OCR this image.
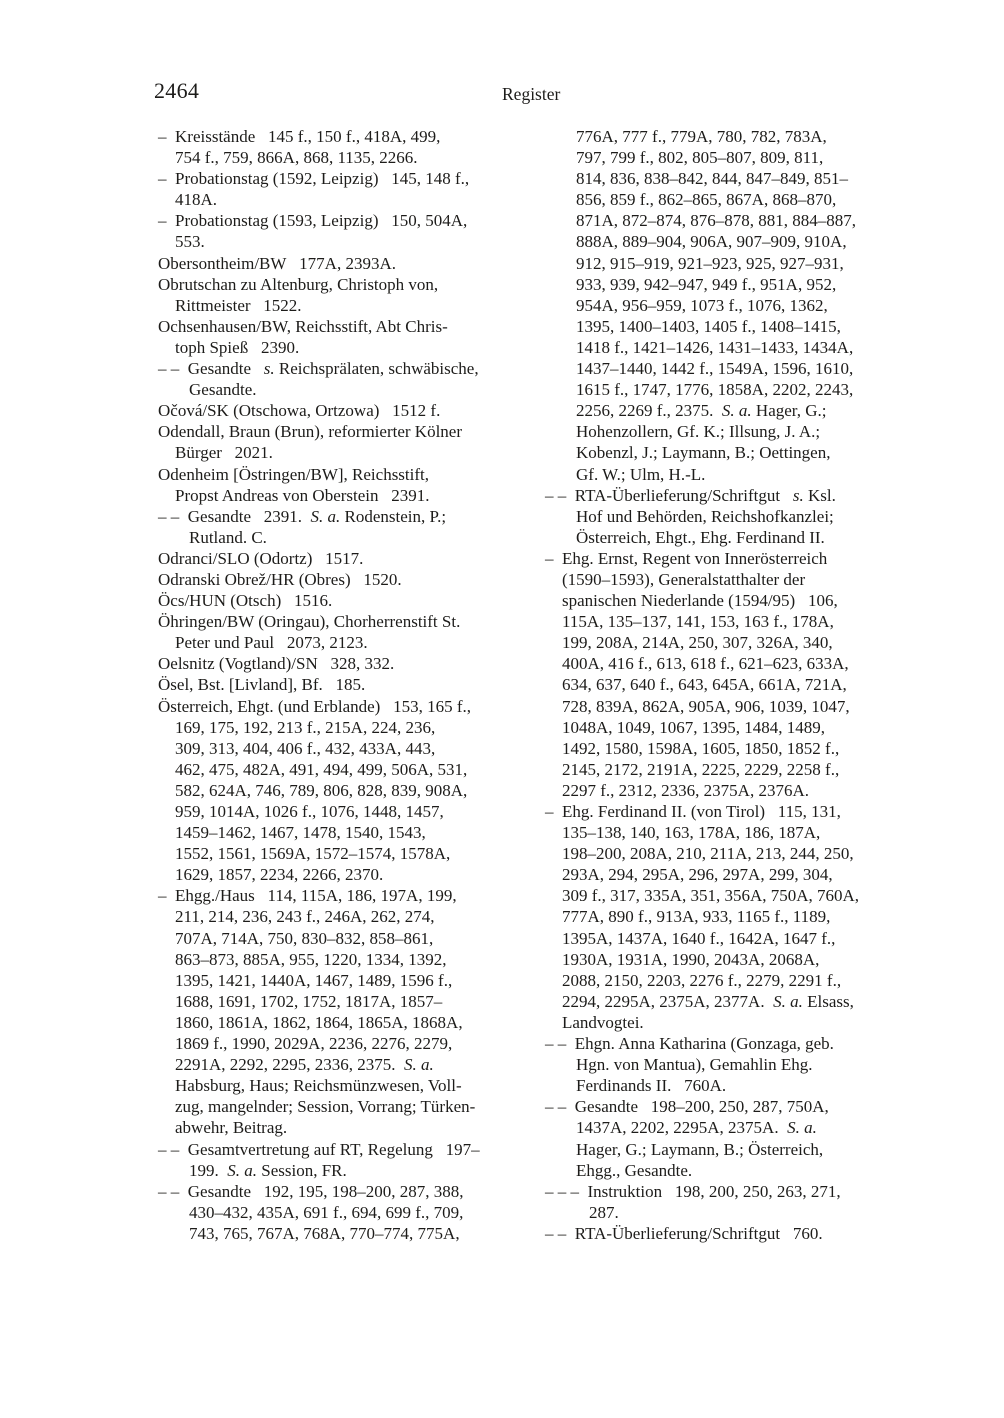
2464	Register
– Kreisstände  145 f., 150 f., 418A, 499,
754 f., 759, 866A, 868, 1135, 2266.
– Probationstag (1592, Leipzig)  145, 148 f.,
418A.
– Probationstag (1593, Leipzig)  150, 504A,
553.
Obersontheim/BW  177A, 2393A.
Obrutschan zu Altenburg, Christoph von,
Rittmeister  1522.
Ochsenhausen/BW, Reichsstift, Abt Chris-
toph Spieß  2390.
– – Gesandte  s. Reichsprälaten, schwäbische,
Gesandte.
Očová/SK (Otschowa, Ortzowa)  1512 f.
Odendall, Braun (Brun), reformierter Kölner
Bürger  2021.
Odenheim [Östringen/BW], Reichsstift,
Propst Andreas von Oberstein  2391.
– – Gesandte  2391.  S. a. Rodenstein, P.;
Rutland. C.
Odranci/SLO (Odortz)  1517.
Odranski Obrež/HR (Obres)  1520.
Öcs/HUN (Otsch)  1516.
Öhringen/BW (Oringau), Chorherrenstift St.
Peter und Paul  2073, 2123.
Oelsnitz (Vogtland)/SN  328, 332.
Ösel, Bst. [Livland], Bf.  185.
Österreich, Ehgt. (und Erblande)  153, 165 f.,
169, 175, 192, 213 f., 215A, 224, 236,
309, 313, 404, 406 f., 432, 433A, 443,
462, 475, 482A, 491, 494, 499, 506A, 531,
582, 624A, 746, 789, 806, 828, 839, 908A,
959, 1014A, 1026 f., 1076, 1448, 1457,
1459–1462, 1467, 1478, 1540, 1543,
1552, 1561, 1569A, 1572–1574, 1578A,
1629, 1857, 2234, 2266, 2370.
– Ehgg./Haus  114, 115A, 186, 197A, 199,
211, 214, 236, 243 f., 246A, 262, 274,
707A, 714A, 750, 830–832, 858–861,
863–873, 885A, 955, 1220, 1334, 1392,
1395, 1421, 1440A, 1467, 1489, 1596 f.,
1688, 1691, 1702, 1752, 1817A, 1857–
1860, 1861A, 1862, 1864, 1865A, 1868A,
1869 f., 1990, 2029A, 2236, 2276, 2279,
2291A, 2292, 2295, 2336, 2375.  S. a.
Habsburg, Haus; Reichsmünzwesen, Voll-
zug, mangelnder; Session, Vorrang; Türken-
abwehr, Beitrag.
– – Gesamtvertretung auf RT, Regelung  197–
199.  S. a. Session, FR.
– – Gesandte  192, 195, 198–200, 287, 388,
430–432, 435A, 691 f., 694, 699 f., 709,
743, 765, 767A, 768A, 770–774, 775A,
776A, 777 f., 779A, 780, 782, 783A,
797, 799 f., 802, 805–807, 809, 811,
814, 836, 838–842, 844, 847–849, 851–
856, 859 f., 862–865, 867A, 868–870,
871A, 872–874, 876–878, 881, 884–887,
888A, 889–904, 906A, 907–909, 910A,
912, 915–919, 921–923, 925, 927–931,
933, 939, 942–947, 949 f., 951A, 952,
954A, 956–959, 1073 f., 1076, 1362,
1395, 1400–1403, 1405 f., 1408–1415,
1418 f., 1421–1426, 1431–1433, 1434A,
1437–1440, 1442 f., 1549A, 1596, 1610,
1615 f., 1747, 1776, 1858A, 2202, 2243,
2256, 2269 f., 2375.  S. a. Hager, G.;
Hohenzollern, Gf. K.; Illsung, J. A.;
Kobenzl, J.; Laymann, B.; Oettingen,
Gf. W.; Ulm, H.-L.
– – RTA-Überlieferung/Schriftgut  s. Ksl.
Hof und Behörden, Reichshofkanzlei;
Österreich, Ehgt., Ehg. Ferdinand II.
– Ehg. Ernst, Regent von Innerösterreich
(1590–1593), Generalstatthalter der
spanischen Niederlande (1594/95)  106,
115A, 135–137, 141, 153, 163 f., 178A,
199, 208A, 214A, 250, 307, 326A, 340,
400A, 416 f., 613, 618 f., 621–623, 633A,
634, 637, 640 f., 643, 645A, 661A, 721A,
728, 839A, 862A, 905A, 906, 1039, 1047,
1048A, 1049, 1067, 1395, 1484, 1489,
1492, 1580, 1598A, 1605, 1850, 1852 f.,
2145, 2172, 2191A, 2225, 2229, 2258 f.,
2297 f., 2312, 2336, 2375A, 2376A.
– Ehg. Ferdinand II. (von Tirol)  115, 131,
135–138, 140, 163, 178A, 186, 187A,
198–200, 208A, 210, 211A, 213, 244, 250,
293A, 294, 295A, 296, 297A, 299, 304,
309 f., 317, 335A, 351, 356A, 750A, 760A,
777A, 890 f., 913A, 933, 1165 f., 1189,
1395A, 1437A, 1640 f., 1642A, 1647 f.,
1930A, 1931A, 1990, 2043A, 2068A,
2088, 2150, 2203, 2276 f., 2279, 2291 f.,
2294, 2295A, 2375A, 2377A.  S. a. Elsass,
Landvogtei.
– – Ehgn. Anna Katharina (Gonzaga, geb.
Hgn. von Mantua), Gemahlin Ehg.
Ferdinands II.  760A.
– – Gesandte  198–200, 250, 287, 750A,
1437A, 2202, 2295A, 2375A.  S. a.
Hager, G.; Laymann, B.; Österreich,
Ehgg., Gesandte.
– – – Instruktion  198, 200, 250, 263, 271,
287.
– – RTA-Überlieferung/Schriftgut  760.
